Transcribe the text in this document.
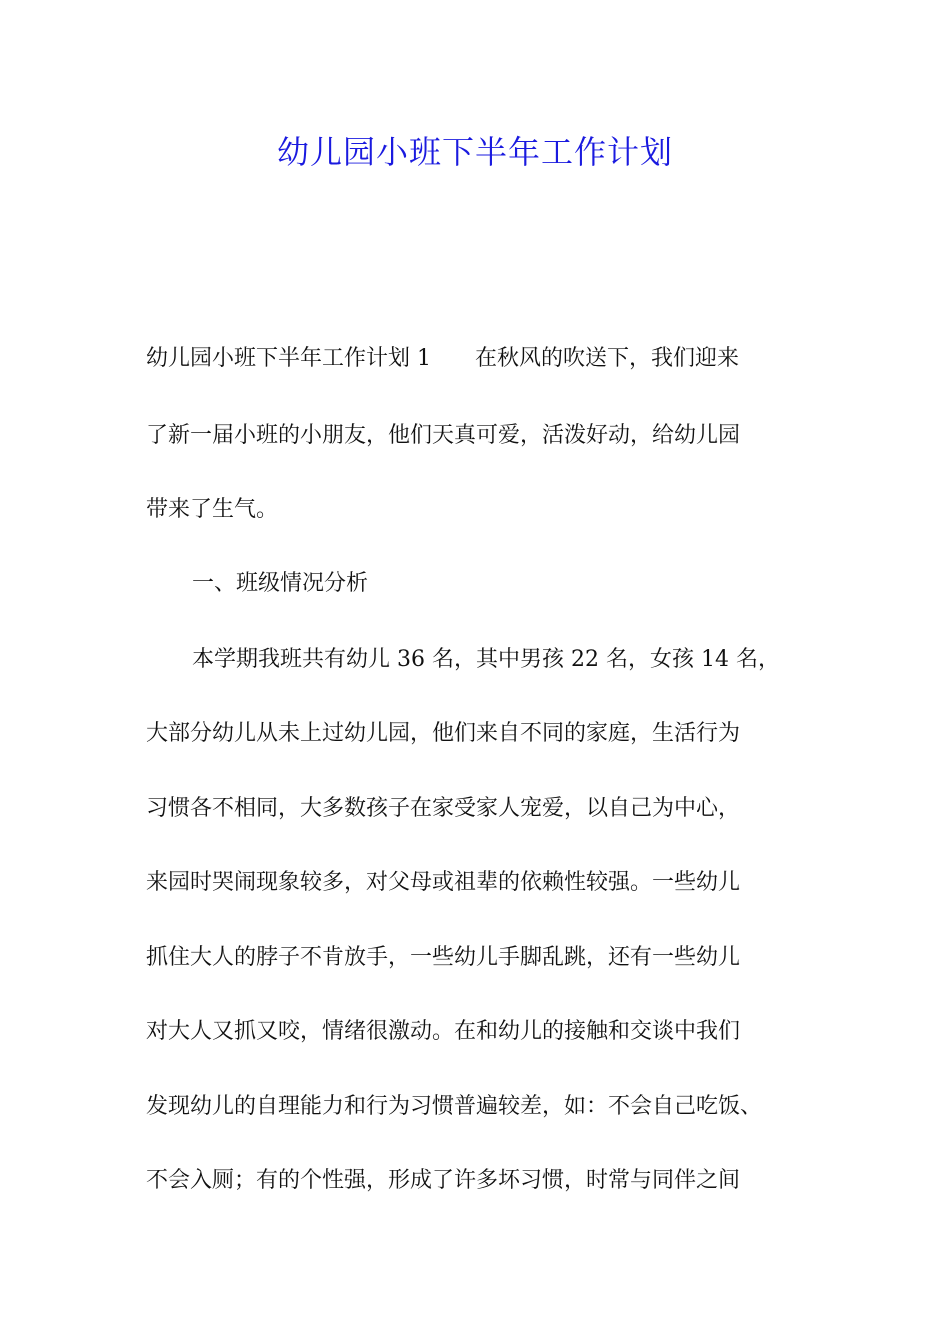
幼儿园小班下半年工作计划

幼儿园小班下半年工作计划 1　　在秋风的吹送下，我们迎来

了新一届小班的小朋友，他们天真可爱，活泼好动，给幼儿园

带来了生气。

一、班级情况分析

本学期我班共有幼儿 36 名，其中男孩 22 名，女孩 14 名，

大部分幼儿从未上过幼儿园，他们来自不同的家庭，生活行为

习惯各不相同，大多数孩子在家受家人宠爱，以自己为中心，

来园时哭闹现象较多，对父母或祖辈的依赖性较强。一些幼儿

抓住大人的脖子不肯放手，一些幼儿手脚乱跳，还有一些幼儿

对大人又抓又咬，情绪很激动。在和幼儿的接触和交谈中我们

发现幼儿的自理能力和行为习惯普遍较差，如：不会自己吃饭、

不会入厕；有的个性强，形成了许多坏习惯，时常与同伴之间
